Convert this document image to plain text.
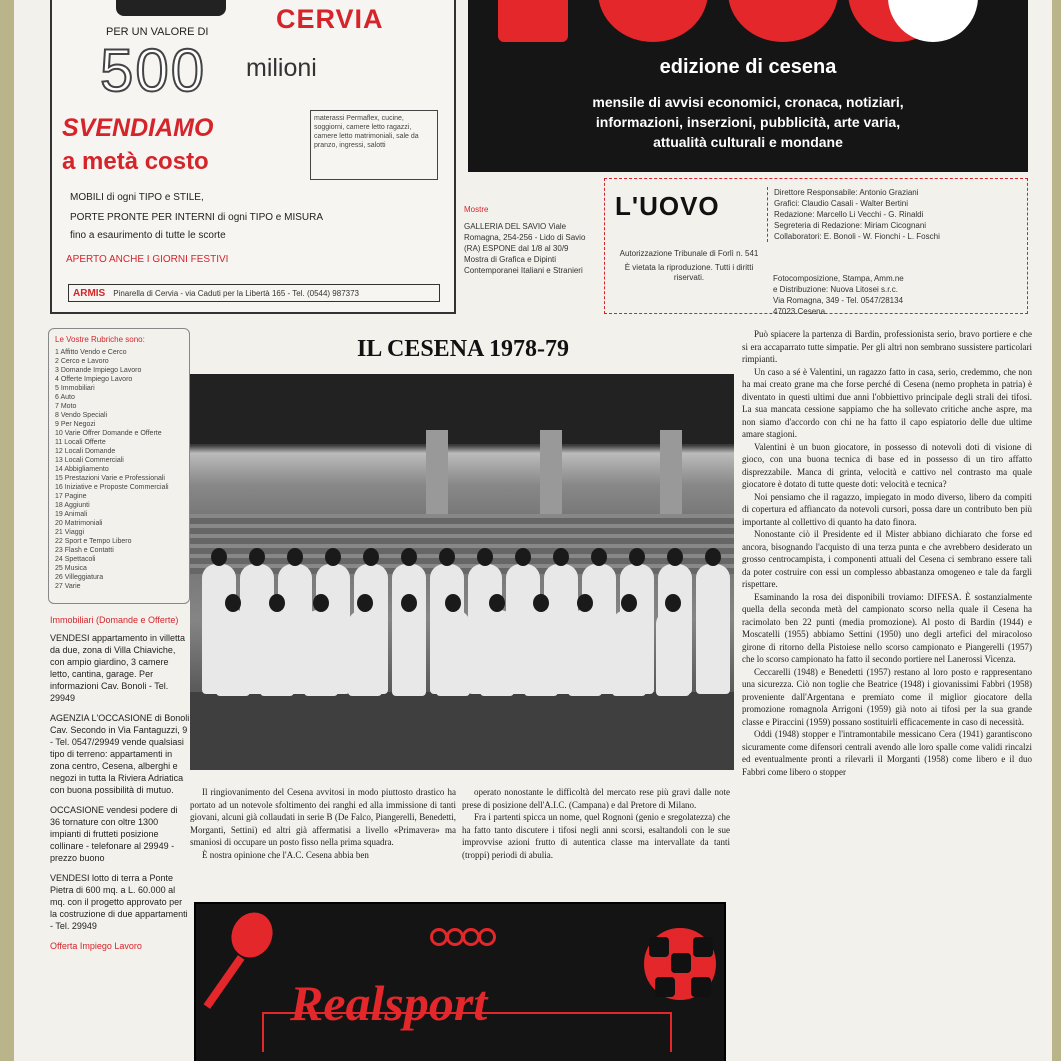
CERVIA
PER UN VALORE DI
500 milioni
SVENDIAMO
a metà costo
materassi Permaflex, cucine, soggiorni, camere letto ragazzi, camere letto matrimoniali, sale da pranzo, ingressi, salotti
MOBILI di ogni TIPO e STILE,
PORTE PRONTE PER INTERNI di ogni TIPO e MISURA
fino a esaurimento di tutte le scorte
APERTO ANCHE I GIORNI FESTIVI
ARMIS Pinarella di Cervia - via Caduti per la Libertà 165 - Tel. (0544) 987373
edizione di cesena
mensile di avvisi economici, cronaca, notiziari,
informazioni, inserzioni, pubblicità, arte varia,
attualità culturali e mondane
Mostre
GALLERIA DEL SAVIO Viale Romagna, 254-256 - Lido di Savio (RA) ESPONE dal 1/8 al 30/9 Mostra di Grafica e Dipinti Contemporanei Italiani e Stranieri
L'UOVO
Autorizzazione Tribunale di Forlì n. 541
È vietata la riproduzione. Tutti i diritti riservati.
Direttore Responsabile: Antonio Graziani
Grafici: Claudio Casali - Walter Bertini
Redazione: Marcello Li Vecchi - G. Rinaldi
Segreteria di Redazione: Miriam Cicognani
Collaboratori: E. Bonoli - W. Fionchi - L. Foschi
Fotocomposizione, Stampa, Amm.ne
e Distribuzione: Nuova Litosei s.r.c.
Via Romagna, 349 - Tel. 0547/28134
47023 Cesena
Le Vostre Rubriche sono:
1 Affitto Vendo e Cerco
2 Cerco e Lavoro
3 Domande Impiego Lavoro
4 Offerte Impiego Lavoro
5 Immobiliari
6 Auto
7 Moto
8 Vendo Speciali
9 Per Negozi
10 Varie Offrer Domande e Offerte
11 Locali Offerte
12 Locali Domande
13 Locali Commerciali
14 Abbigliamento
15 Prestazioni Varie e Professionali
16 Iniziative e Proposte Commerciali
17 Pagine
18 Aggiunti
19 Animali
20 Matrimoniali
21 Viaggi
22 Sport e Tempo Libero
23 Flash e Contatti
24 Spettacoli
25 Musica
26 Villeggiatura
27 Varie
Immobiliari (Domande e Offerte)

VENDESI appartamento in villetta da due, zona di Villa Chiaviche, con ampio giardino, 3 camere letto, cantina, garage. Per informazioni Cav. Bonoli - Tel. 29949

AGENZIA L'OCCASIONE di Bonoli Cav. Secondo in Via Fantaguzzi, 9 - Tel. 0547/29949 vende qualsiasi tipo di terreno: appartamenti in zona centro, Cesena, alberghi e negozi in tutta la Riviera Adriatica con buona possibilità di mutuo.

OCCASIONE vendesi podere di 36 tornature con oltre 1300 impianti di frutteti posizione collinare - telefonare al 29949 - prezzo buono

VENDESI lotto di terra a Ponte Pietra di 600 mq. a L. 60.000 al mq. con il progetto approvato per la costruzione di due appartamenti - Tel. 29949

Offerta Impiego Lavoro

IL CESENA 1978-79

Il ringiovanimento del Cesena avvitosi in modo piuttosto drastico ha portato ad un notevole sfoltimento dei ranghi ed alla immissione di tanti giovani, alcuni già collaudati in serie B (De Falco, Piangerelli, Benedetti, Morganti, Settini) ed altri già affermatisi a livello «Primavera» ma smaniosi di occupare un posto fisso nella prima squadra.

È nostra opinione che l'A.C. Cesena abbia ben

operato nonostante le difficoltà del mercato rese più gravi dalle note prese di posizione dell'A.I.C. (Campana) e dal Pretore di Milano.

Fra i partenti spicca un nome, quel Rognoni (genio e sregolatezza) che ha fatto tanto discutere i tifosi negli anni scorsi, esaltandoli con le sue improvvise azioni frutto di autentica classe ma intervallate da tanti (troppi) periodi di abulia.

Può spiacere la partenza di Bardin, professionista serio, bravo portiere e che si era accaparrato tutte simpatie. Per gli altri non sembrano sussistere particolari rimpianti.

Un caso a sé è Valentini, un ragazzo fatto in casa, serio, credemmo, che non ha mai creato grane ma che forse perché di Cesena (nemo propheta in patria) è diventato in questi ultimi due anni l'obbiettivo principale degli strali dei tifosi. La sua mancata cessione sappiamo che ha sollevato critiche anche aspre, ma non siamo d'accordo con chi ne ha fatto il capo espiatorio delle due ultime amare stagioni.

Valentini è un buon giocatore, in possesso di notevoli doti di visione di gioco, con una buona tecnica di base ed in possesso di un tiro affatto disprezzabile. Manca di grinta, velocità e cattivo nel contrasto ma quale giocatore è dotato di tutte queste doti: velocità e tecnica?

Noi pensiamo che il ragazzo, impiegato in modo diverso, libero da compiti di copertura ed affiancato da notevoli cursori, possa dare un contributo ben più importante al collettivo di quanto ha dato finora.

Nonostante ciò il Presidente ed il Mister abbiano dichiarato che forse ed ancora, bisognando l'acquisto di una terza punta e che avrebbero desiderato un grosso centrocampista, i componenti attuali del Cesena ci sembrano essere tali da poter costruire con essi un complesso abbastanza omogeneo e tale da fargli rispettare.

Esaminando la rosa dei disponibili troviamo: DIFESA. È sostanzialmente quella della seconda metà del campionato scorso nella quale il Cesena ha racimolato ben 22 punti (media promozione). Al posto di Bardin (1944) e Moscatelli (1955) abbiamo Settini (1950) uno degli artefici del miracoloso girone di ritorno della Pistoiese nello scorso campionato e Piangerelli (1957) che lo scorso campionato ha fatto il secondo portiere nel Lanerossi Vicenza.

Ceccarelli (1948) e Benedetti (1957) restano al loro posto e rappresentano una sicurezza. Ciò non toglie che Beatrice (1948) i giovanissimi Fabbri (1958) proveniente dall'Argentana e premiato come il miglior giocatore della promozione romagnola Arrigoni (1959) già noto ai tifosi per la sua grande classe e Piraccini (1959) possano sostituirli efficacemente in caso di necessità.

Oddi (1948) stopper e l'intramontabile messicano Cera (1941) garantiscono sicuramente come difensori centrali avendo alle loro spalle come validi rincalzi ed eventualmente pronti a rilevarli il Morganti (1958) come libero e il duo Fabbri come libero o stopper

Realsport
